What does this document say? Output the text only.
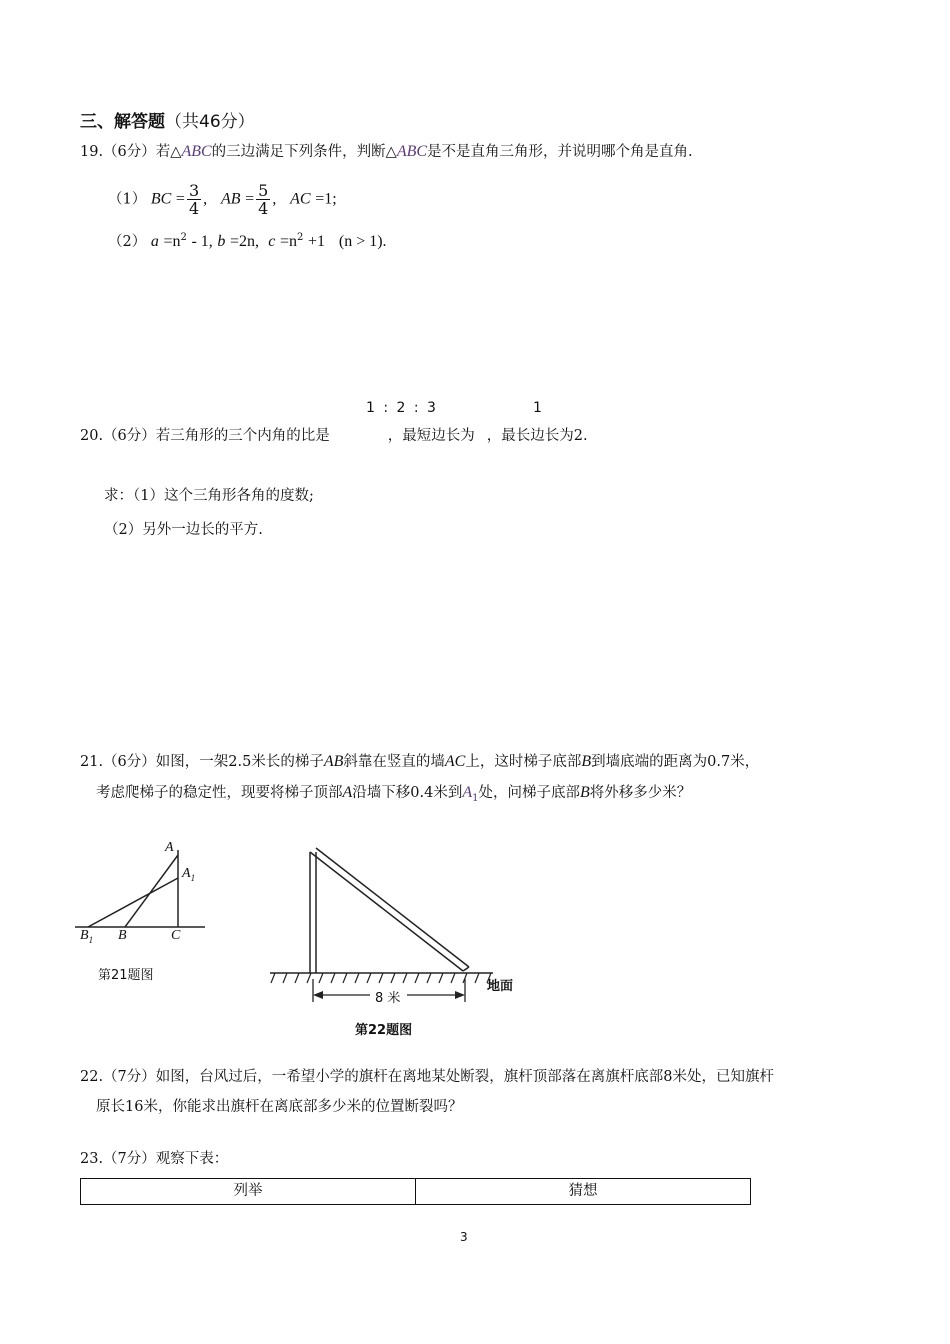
三、解答题（共46分）
19.（6分）若△ABC的三边满足下列条件，判断△ABC是不是直角三角形，并说明哪个角是直角.
（1） BC = $\frac{3}{4}$ , AB = $\frac{5}{4}$ , AC =1;
（2） $a =n^2 - 1$, b =2n, $c =n^2 +1$ (n > 1).
1 : 2 : 3	1
20.（6分）若三角形的三个内角的比是	，最短边长为 ，最长边长为2.
求：（1）这个三角形各角的度数;
（2）另外一边长的平方.
21.（6分）如图，一架2.5米长的梯子AB斜靠在竖直的墙AC上，这时梯子底部B到墙底端的距离为0.7米，
考虑爬梯子的稳定性，现要将梯子顶部A沿墙下移0.4米到$A_1$处，问梯子底部B将外移多少米？
A
$A_1$
$B_1$ B	C
第21题图
8 米
地面
第22题图
22.（7分）如图，台风过后，一希望小学的旗杆在离地某处断裂，旗杆顶部落在离旗杆底部8米处，已知旗杆
原长16米，你能求出旗杆在离底部多少米的位置断裂吗？
23.（7分）观察下表：
列举	猜想
3
